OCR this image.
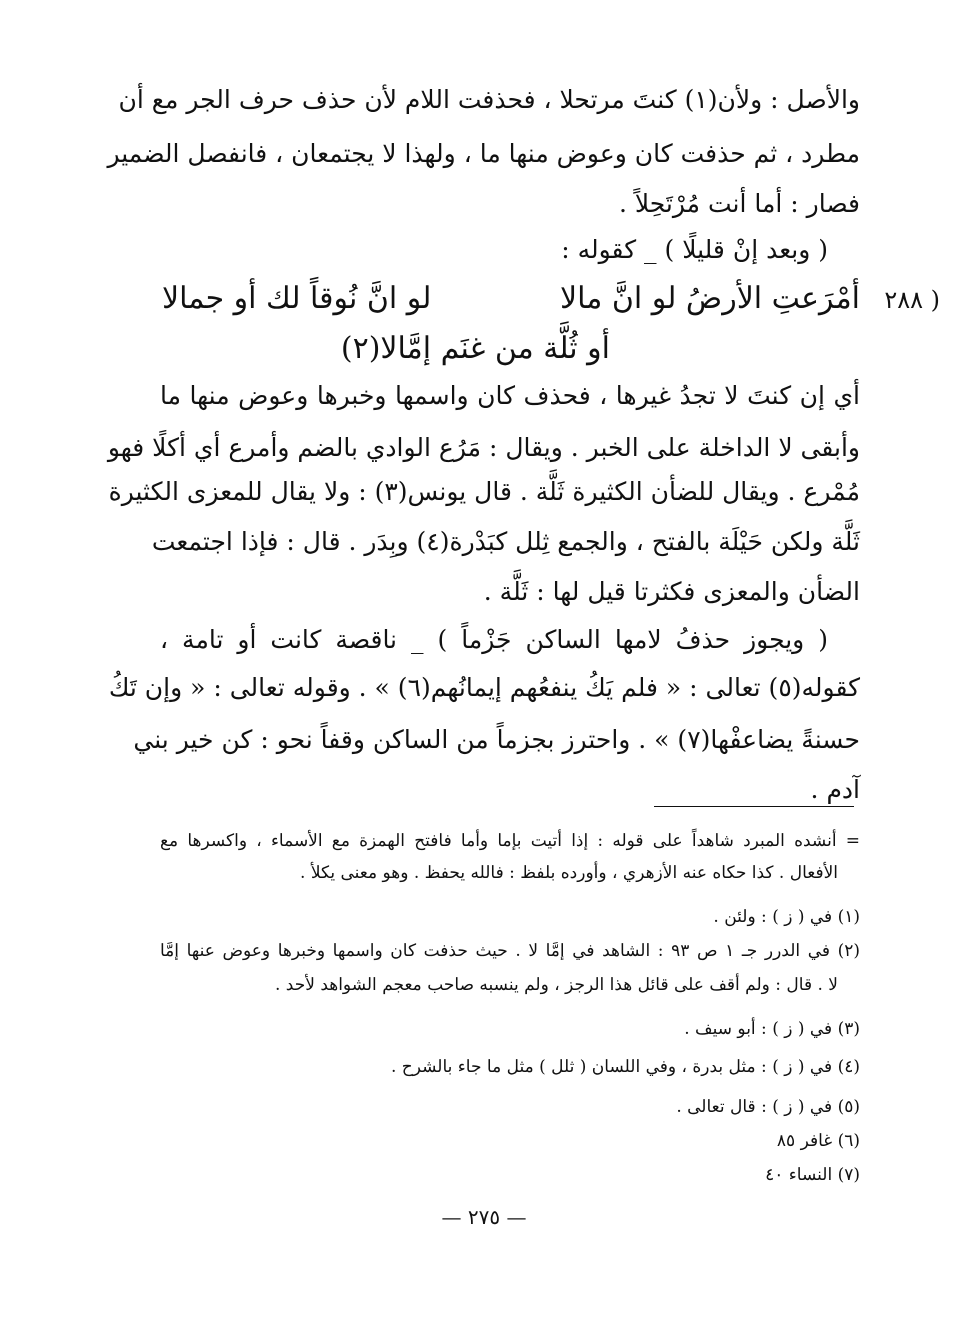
والأصل : ولأن(١) كنتَ مرتحلا ، فحذفت اللام لأن حذف حرف الجر مع أن
مطرد ، ثم حذفت كان وعوض منها ما ، ولهذا لا يجتمعان ، فانفصل الضمير
فصار : أما أنت مُرْتَحِلاً .
( وبعد إنْ قليلًا ) _ كقوله :
( ٢٨٨
أمْرَعتِ الأرضُ لو انَّ مالا
لو انَّ نُوقاً لك أو جمالا
أو ثُلَّة من غنَم إمَّالا(٢)
أي إن كنتَ لا تجدُ غيرها ، فحذف كان واسمها وخبرها وعوض منها ما
وأبقى لا الداخلة على الخبر . ويقال : مَرُع الوادي بالضم وأمرع أي أكلًا فهو
مُمْرع . ويقال للضأن الكثيرة ثَلَّة . قال يونس(٣) : ولا يقال للمعزى الكثيرة
ثَلَّة ولكن حَيْلَة بالفتح ، والجمع ثِلل كبَدْرة(٤) وبِدَر . قال : فإذا اجتمعت
الضأن والمعزى فكثرتا قيل لها : ثَلَّة .
( ويجوز حذفُ لامها الساكن جَزْماً ) _ ناقصة كانت أو تامة ،
كقوله(٥) تعالى : « فلم يَكُ ينفعُهم إيمانُهم(٦) » . وقوله تعالى : « وإن تَكُ
حسنةً يضاعفْها(٧) » . واحترز بجزماً من الساكن وقفاً نحو : كن خير بني
آدم .
= أنشده المبرد شاهداً على قوله : إذا أتيت بإما وأما فافتح الهمزة مع الأسماء ، واكسرها مع
الأفعال . كذا حكاه عنه الأزهري ، وأورده بلفظ : فالله يحفظ . وهو معنى يكلأ .
(١) في ( ز ) : ولئن .
(٢) في الدرر جـ ١ ص ٩٣ : الشاهد في إمَّا لا . حيث حذفت كان واسمها وخبرها وعوض عنها إمَّا
لا . قال : ولم أقف على قائل هذا الرجز ، ولم ينسبه صاحب معجم الشواهد لأحد .
(٣) في ( ز ) : أبو سيف .
(٤) في ( ز ) : مثل بدرة ، وفي اللسان ( ثلل ) مثل ما جاء بالشرح .
(٥) في ( ز ) : قال تعالى .
(٦) غافر ٨٥
(٧) النساء ٤٠
— ٢٧٥ —
